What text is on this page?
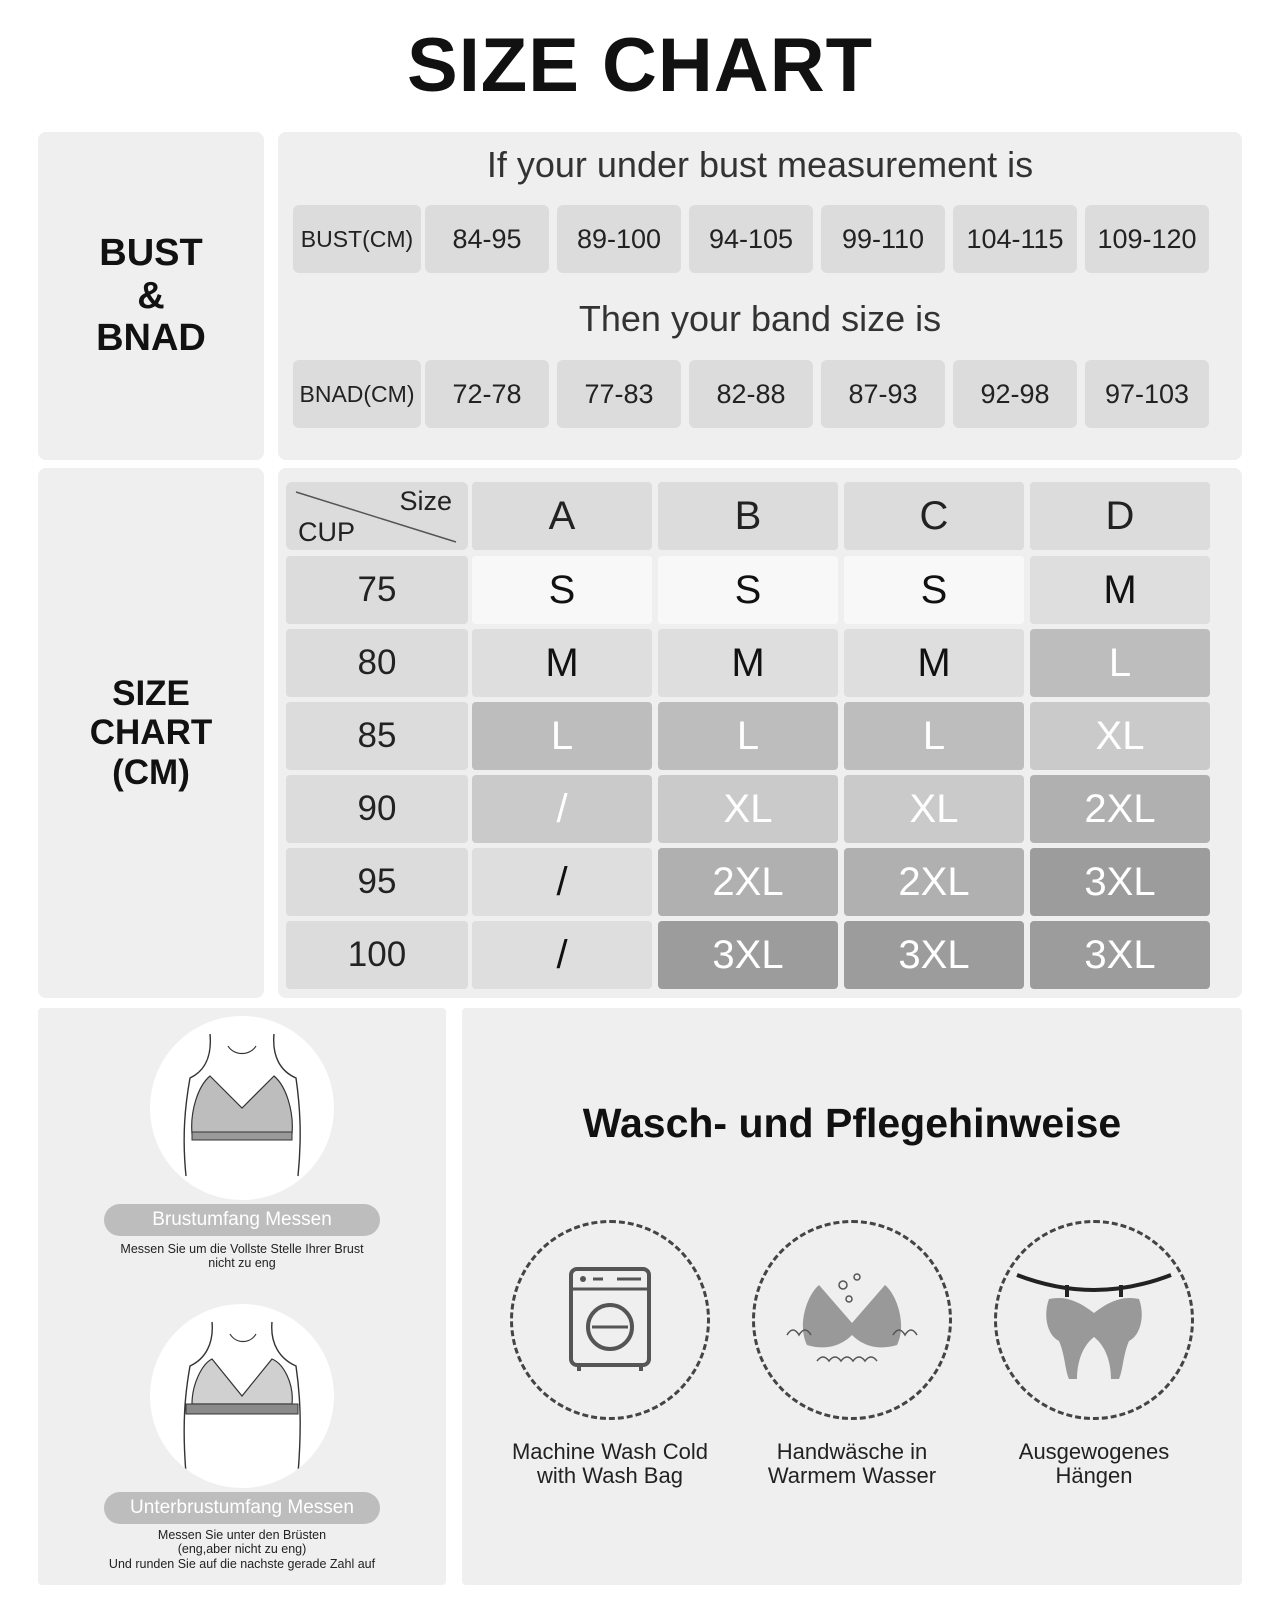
SIZE CHART
BUST
&
BNAD
If your under bust measurement is
BUST(CM)	84-95	89-100	94-105	99-110	104-115	109-120
Then your band size is
BNAD(CM)	72-78	77-83	82-88	87-93	92-98	97-103
SIZE
CHART
(CM)
Size
CUP	A	B	C	D
75	S	S	S	M
80	M	M	M	L
85	L	L	L	XL
90	/	XL	XL	2XL
95	/	2XL	2XL	3XL
100	/	3XL	3XL	3XL
Brustumfang Messen
Messen Sie um die Vollste Stelle Ihrer Brust
nicht zu eng
Unterbrustumfang Messen
Messen Sie unter den Brüsten
(eng,aber nicht zu eng)
Und runden Sie auf die nachste gerade Zahl auf
Wasch- und Pflegehinweise
Machine Wash Cold
with Wash Bag
Handwäsche in
Warmem Wasser
Ausgewogenes
Hängen
